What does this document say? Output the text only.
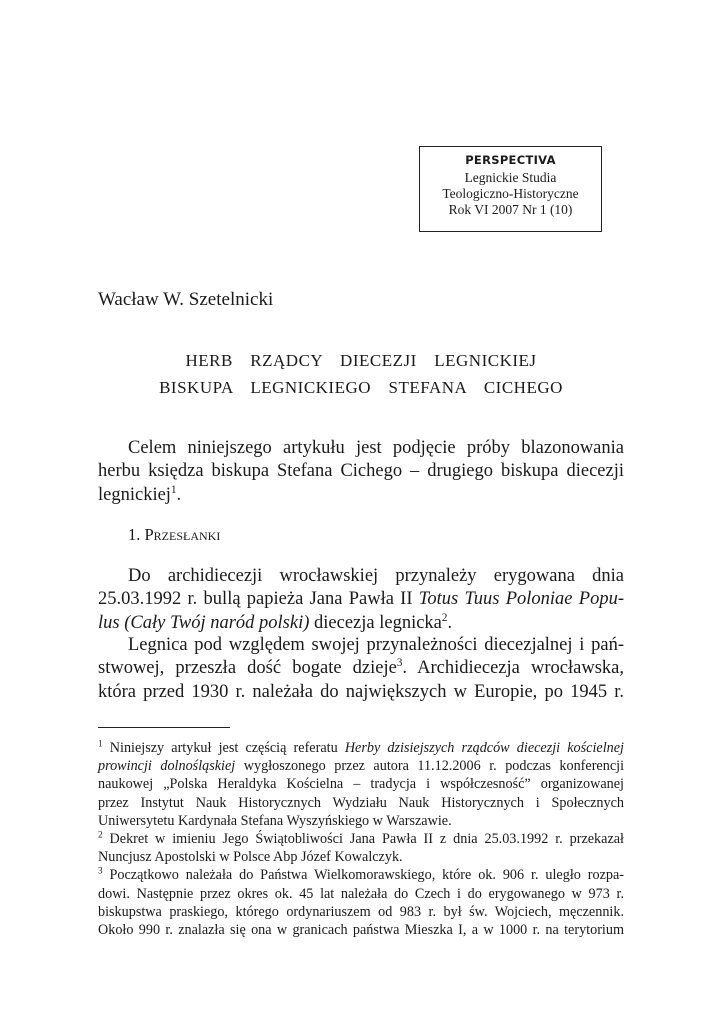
PERSPECTIVA
Legnickie Studia
Teologiczno-Historyczne
Rok VI 2007 Nr 1 (10)
Wacław W. Szetelnicki
HERB  RZĄDCY  DIECEZJI  LEGNICKIEJ
BISKUPA  LEGNICKIEGO  STEFANA  CICHEGO
Celem niniejszego artykułu jest podjęcie próby blazonowania
herbu księdza biskupa Stefana Cichego – drugiego biskupa diecezji
legnickiej$^1$.
1. Przesłanki
Do archidiecezji wrocławskiej przynależy erygowana dnia
25.03.1992 r. bullą papieża Jana Pawła II Totus Tuus Poloniae Popu-
lus (Cały Twój naród polski) diecezja legnicka$^2$.
Legnica pod względem swojej przynależności diecezjalnej i pań-
stwowej, przeszła dość bogate dzieje$^3$. Archidiecezja wrocławska,
która przed 1930 r. należała do największych w Europie, po 1945 r.
$^1$ Niniejszy artykuł jest częścią referatu Herby dzisiejszych rządców diecezji kościelnej
prowincji dolnośląskiej wygłoszonego przez autora 11.12.2006 r. podczas konferencji
naukowej „Polska Heraldyka Kościelna – tradycja i współczesność” organizowanej
przez Instytut Nauk Historycznych Wydziału Nauk Historycznych i Społecznych
Uniwersytetu Kardynała Stefana Wyszyńskiego w Warszawie.
$^2$ Dekret w imieniu Jego Świątobliwości Jana Pawła II z dnia 25.03.1992 r. przekazał
Nuncjusz Apostolski w Polsce Abp Józef Kowalczyk.
$^3$ Początkowo należała do Państwa Wielkomorawskiego, które ok. 906 r. uległo rozpa-
dowi. Następnie przez okres ok. 45 lat należała do Czech i do erygowanego w 973 r.
biskupstwa praskiego, którego ordynariuszem od 983 r. był św. Wojciech, męczennik.
Około 990 r. znalazła się ona w granicach państwa Mieszka I, a w 1000 r. na terytorium
